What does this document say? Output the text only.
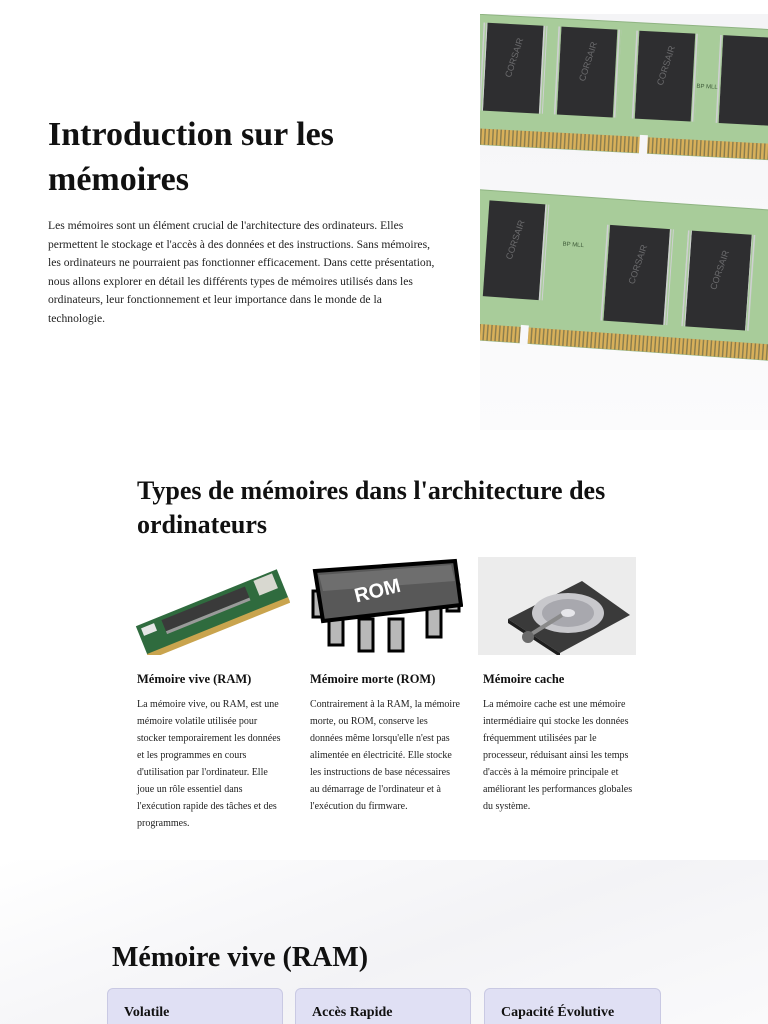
Introduction sur les mémoires

Les mémoires sont un élément crucial de l'architecture des ordinateurs. Elles permettent le stockage et l'accès à des données et des instructions. Sans mémoires, les ordinateurs ne pourraient pas fonctionner efficacement. Dans cette présentation, nous allons explorer en détail les différents types de mémoires utilisés dans les ordinateurs, leur fonctionnement et leur importance dans le monde de la technologie.

CORSAIR	CORSAIR	CORSAIR
BP MLL
CORSAIR
CORSAIR	CORSAIR
BP MLL
Types de mémoires dans l'architecture des ordinateurs
Mémoire vive (RAM)
La mémoire vive, ou RAM, est une mémoire volatile utilisée pour stocker temporairement les données et les programmes en cours d'utilisation par l'ordinateur. Elle joue un rôle essentiel dans l'exécution rapide des tâches et des programmes.
ROM
Mémoire morte (ROM)
Contrairement à la RAM, la mémoire morte, ou ROM, conserve les données même lorsqu'elle n'est pas alimentée en électricité. Elle stocke les instructions de base nécessaires au démarrage de l'ordinateur et à l'exécution du firmware.
Mémoire cache
La mémoire cache est une mémoire intermédiaire qui stocke les données fréquemment utilisées par le processeur, réduisant ainsi les temps d'accès à la mémoire principale et améliorant les performances globales du système.
Mémoire vive (RAM)
Volatile	Accès Rapide	Capacité Évolutive
